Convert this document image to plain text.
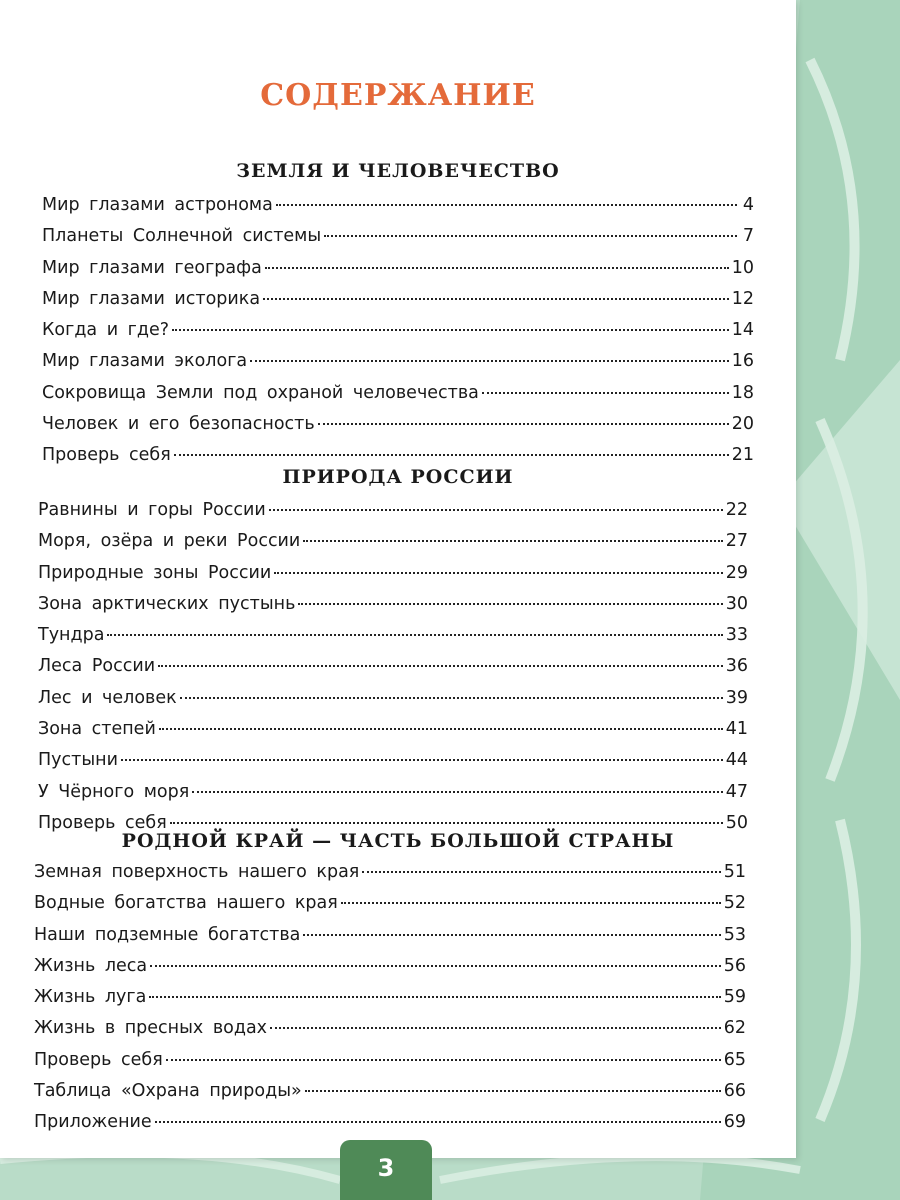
СОДЕРЖАНИЕ
ЗЕМЛЯ И ЧЕЛОВЕЧЕСТВО
Мир глазами астронома	4
Планеты Солнечной системы	7
Мир глазами географа	10
Мир глазами историка	12
Когда и где?	14
Мир глазами эколога	16
Сокровища Земли под охраной человечества	18
Человек и его безопасность	20
Проверь себя	21
ПРИРОДА РОССИИ
Равнины и горы России	22
Моря, озёра и реки России	27
Природные зоны России	29
Зона арктических пустынь	30
Тундра	33
Леса России	36
Лес и человек	39
Зона степей	41
Пустыни	44
У Чёрного моря	47
Проверь себя	50
РОДНОЙ КРАЙ — ЧАСТЬ БОЛЬШОЙ СТРАНЫ
Земная поверхность нашего края	51
Водные богатства нашего края	52
Наши подземные богатства	53
Жизнь леса	56
Жизнь луга	59
Жизнь в пресных водах	62
Проверь себя	65
Таблица «Охрана природы»	66
Приложение	69
3
